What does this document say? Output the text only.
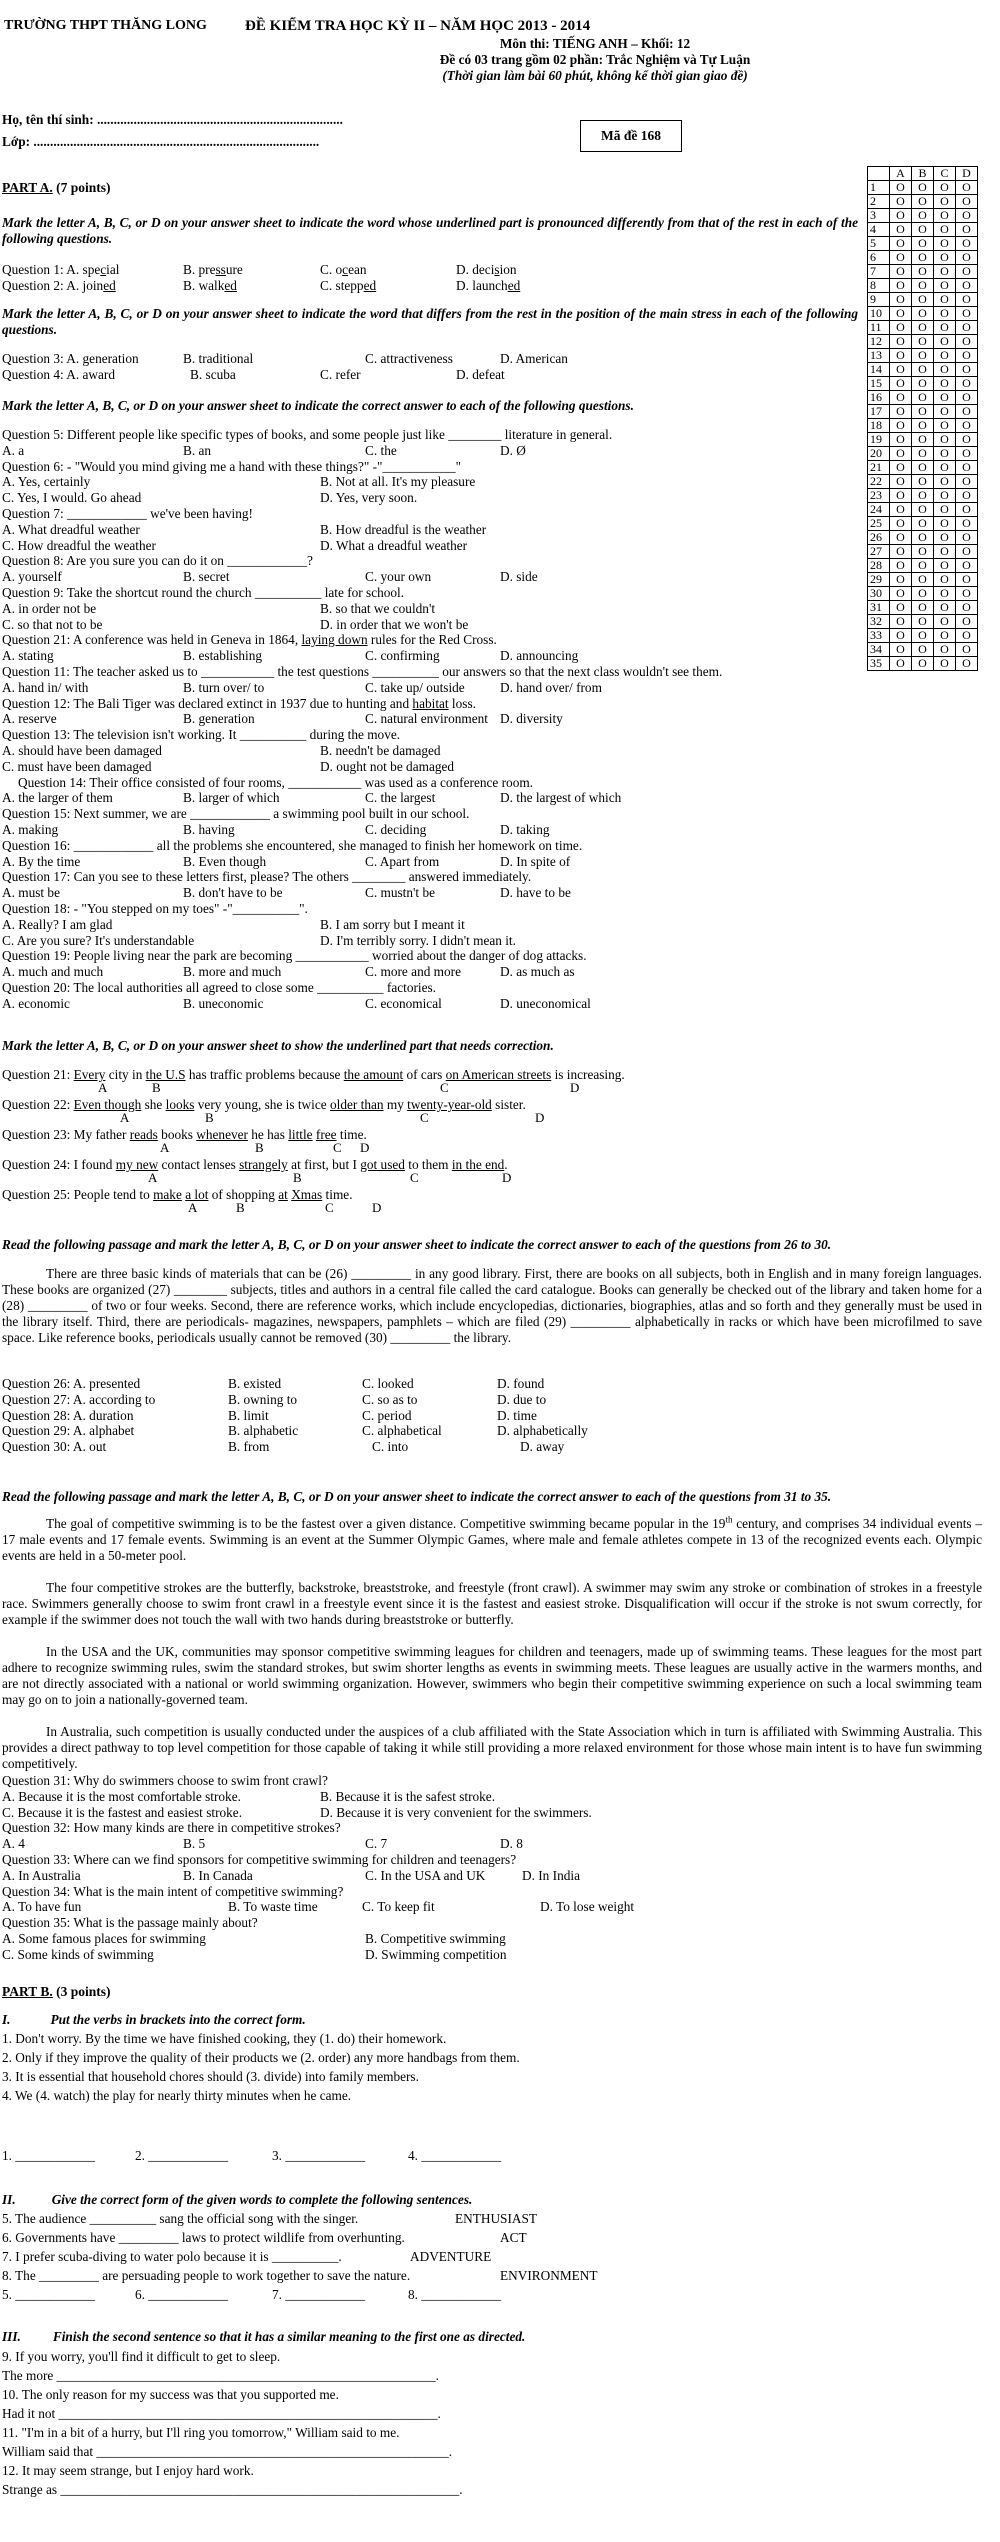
TRƯỜNG THPT THĂNG LONG	ĐỀ KIỂM TRA HỌC KỲ II – NĂM HỌC 2013 - 2014
Môn thi: TIẾNG ANH – Khối: 12
Đề có 03 trang gồm 02 phần: Trắc Nghiệm và Tự Luận
(Thời gian làm bài 60 phút, không kể thời gian giao đề)
Họ, tên thí sinh: ..........................................................................
Lớp: ......................................................................................	Mã đề 168
	A	B	C	D
1	O	O	O	O
2	O	O	O	O
3	O	O	O	O
4	O	O	O	O
5	O	O	O	O
6	O	O	O	O
7	O	O	O	O
8	O	O	O	O
9	O	O	O	O
10	O	O	O	O
11	O	O	O	O
12	O	O	O	O
13	O	O	O	O
14	O	O	O	O
15	O	O	O	O
16	O	O	O	O
17	O	O	O	O
18	O	O	O	O
19	O	O	O	O
20	O	O	O	O
21	O	O	O	O
22	O	O	O	O
23	O	O	O	O
24	O	O	O	O
25	O	O	O	O
26	O	O	O	O
27	O	O	O	O
28	O	O	O	O
29	O	O	O	O
30	O	O	O	O
31	O	O	O	O
32	O	O	O	O
33	O	O	O	O
34	O	O	O	O
35	O	O	O	O
PART A. (7 points)
Mark the letter A, B, C, or D on your answer sheet to indicate the word whose underlined part is pronounced differently from that of the rest in each of the following questions.
Question 1: A. special	B. pressure	C. ocean	D. decision
Question 2: A. joined	B. walked	C. stepped	D. launched
Mark the letter A, B, C, or D on your answer sheet to indicate the word that differs from the rest in the position of the main stress in each of the following questions.
Question 3: A. generation	B. traditional	C. attractiveness	D. American
Question 4: A. award	B. scuba	C. refer	D. defeat
Mark the letter A, B, C, or D on your answer sheet to indicate the correct answer to each of the following questions.
Question 5: Different people like specific types of books, and some people just like ________ literature in general.
A. a	B. an	C. the	D. Ø
Question 6: - "Would you mind giving me a hand with these things?" -"___________"
A. Yes, certainly	B. Not at all. It's my pleasure
C. Yes, I would. Go ahead	D. Yes, very soon.
Question 7: ____________ we've been having!
A. What dreadful weather	B. How dreadful is the weather
C. How dreadful the weather	D. What a dreadful weather
Question 8: Are you sure you can do it on ____________?
A. yourself	B. secret	C. your own	D. side
Question 9: Take the shortcut round the church __________ late for school.
A. in order not be	B. so that we couldn't
C. so that not to be	D. in order that we won't be
Question 21: A conference was held in Geneva in 1864, laying down rules for the Red Cross.
A. stating	B. establishing	C. confirming	D. announcing
Question 11: The teacher asked us to ___________ the test questions __________ our answers so that the next class wouldn't see them.
A. hand in/ with	B. turn over/ to	C. take up/ outside	D. hand over/ from
Question 12: The Bali Tiger was declared extinct in 1937 due to hunting and habitat loss.
A. reserve	B. generation	C. natural environment D. diversity
Question 13: The television isn't working. It __________ during the move.
A. should have been damaged	B. needn't be damaged
C. must have been damaged	D. ought not be damaged
Question 14: Their office consisted of four rooms, ___________ was used as a conference room.
A. the larger of them	B. larger of which	C. the largest	D. the largest of which
Question 15: Next summer, we are ____________ a swimming pool built in our school.
A. making	B. having	C. deciding	D. taking
Question 16: ____________ all the problems she encountered, she managed to finish her homework on time.
A. By the time	B. Even though	C. Apart from	D. In spite of
Question 17: Can you see to these letters first, please? The others ________ answered immediately.
A. must be	B. don't have to be	C. mustn't be	D. have to be
Question 18: - "You stepped on my toes" -"__________".
A. Really? I am glad	B. I am sorry but I meant it
C. Are you sure? It's understandable	D. I'm terribly sorry. I didn't mean it.
Question 19: People living near the park are becoming ___________ worried about the danger of dog attacks.
A. much and much	B. more and much	C. more and more	D. as much as
Question 20: The local authorities all agreed to close some __________ factories.
A. economic	B. uneconomic	C. economical	D. uneconomical
Mark the letter A, B, C, or D on your answer sheet to show the underlined part that needs correction.
Question 21: Every city in the U.S has traffic problems because the amount of cars on American streets is increasing.
A	B	C	D
Question 22: Even though she looks very young, she is twice older than my twenty-year-old sister.
A	B	C	D
Question 23: My father reads books whenever he has little free time.
A	B	C D
Question 24: I found my new contact lenses strangely at first, but I got used to them in the end.
A	B	C	D
Question 25: People tend to make a lot of shopping at Xmas time.
A	B	C	D
Read the following passage and mark the letter A, B, C, or D on your answer sheet to indicate the correct answer to each of the questions from 26 to 30.
There are three basic kinds of materials that can be (26) _________ in any good library. First, there are books on all subjects, both in English and in many foreign languages. These books are organized (27) ________ subjects, titles and authors in a central file called the card catalogue. Books can generally be checked out of the library and taken home for a (28) _________ of two or four weeks. Second, there are reference works, which include encyclopedias, dictionaries, biographies, atlas and so forth and they generally must be used in the library itself. Third, there are periodicals- magazines, newspapers, pamphlets – which are filed (29) _________ alphabetically in racks or which have been microfilmed to save space. Like reference books, periodicals usually cannot be removed (30) _________ the library.
Question 26: A. presented	B. existed	C. looked	D. found
Question 27: A. according to	B. owning to	C. so as to	D. due to
Question 28: A. duration	B. limit	C. period	D. time
Question 29: A. alphabet	B. alphabetic	C. alphabetical	D. alphabetically
Question 30: A. out	B. from	C. into	D. away
Read the following passage and mark the letter A, B, C, or D on your answer sheet to indicate the correct answer to each of the questions from 31 to 35.
The goal of competitive swimming is to be the fastest over a given distance. Competitive swimming became popular in the 19th century, and comprises 34 individual events – 17 male events and 17 female events. Swimming is an event at the Summer Olympic Games, where male and female athletes compete in 13 of the recognized events each. Olympic events are held in a 50-meter pool.
The four competitive strokes are the butterfly, backstroke, breaststroke, and freestyle (front crawl). A swimmer may swim any stroke or combination of strokes in a freestyle race. Swimmers generally choose to swim front crawl in a freestyle event since it is the fastest and easiest stroke. Disqualification will occur if the stroke is not swum correctly, for example if the swimmer does not touch the wall with two hands during breaststroke or butterfly.
In the USA and the UK, communities may sponsor competitive swimming leagues for children and teenagers, made up of swimming teams. These leagues for the most part adhere to recognize swimming rules, swim the standard strokes, but swim shorter lengths as events in swimming meets. These leagues are usually active in the warmers months, and are not directly associated with a national or world swimming organization. However, swimmers who begin their competitive swimming experience on such a local swimming team may go on to join a nationally-governed team.
In Australia, such competition is usually conducted under the auspices of a club affiliated with the State Association which in turn is affiliated with Swimming Australia. This provides a direct pathway to top level competition for those capable of taking it while still providing a more relaxed environment for those whose main intent is to have fun swimming competitively.
Question 31: Why do swimmers choose to swim front crawl?
A. Because it is the most comfortable stroke.	B. Because it is the safest stroke.
C. Because it is the fastest and easiest stroke.	D. Because it is very convenient for the swimmers.
Question 32: How many kinds are there in competitive strokes?
A. 4	B. 5	C. 7	D. 8
Question 33: Where can we find sponsors for competitive swimming for children and teenagers?
A. In Australia	B. In Canada	C. In the USA and UK	D. In India
Question 34: What is the main intent of competitive swimming?
A. To have fun	B. To waste time	C. To keep fit	D. To lose weight
Question 35: What is the passage mainly about?
A. Some famous places for swimming	B. Competitive swimming
C. Some kinds of swimming	D. Swimming competition
PART B. (3 points)
I.	Put the verbs in brackets into the correct form.
1. Don't worry. By the time we have finished cooking, they (1. do) their homework.
2. Only if they improve the quality of their products we (2. order) any more handbags from them.
3. It is essential that household chores should (3. divide) into family members.
4. We (4. watch) the play for nearly thirty minutes when he came.
1. ____________	2. ____________	3. ____________	4. ____________
II.	Give the correct form of the given words to complete the following sentences.
5. The audience __________ sang the official song with the singer.	ENTHUSIAST
6. Governments have _________ laws to protect wildlife from overhunting.	ACT
7. I prefer scuba-diving to water polo because it is __________.	ADVENTURE
8. The _________ are persuading people to work together to save the nature.	ENVIRONMENT
5. ____________	6. ____________	7. ____________	8. ____________
III. Finish the second sentence so that it has a similar meaning to the first one as directed.
9. If you worry, you'll find it difficult to get to sleep.
The more _________________________________________________________.
10. The only reason for my success was that you supported me.
Had it not _________________________________________________________.
11. "I'm in a bit of a hurry, but I'll ring you tomorrow," William said to me.
William said that _____________________________________________________.
12. It may seem strange, but I enjoy hard work.
Strange as ____________________________________________________________.
